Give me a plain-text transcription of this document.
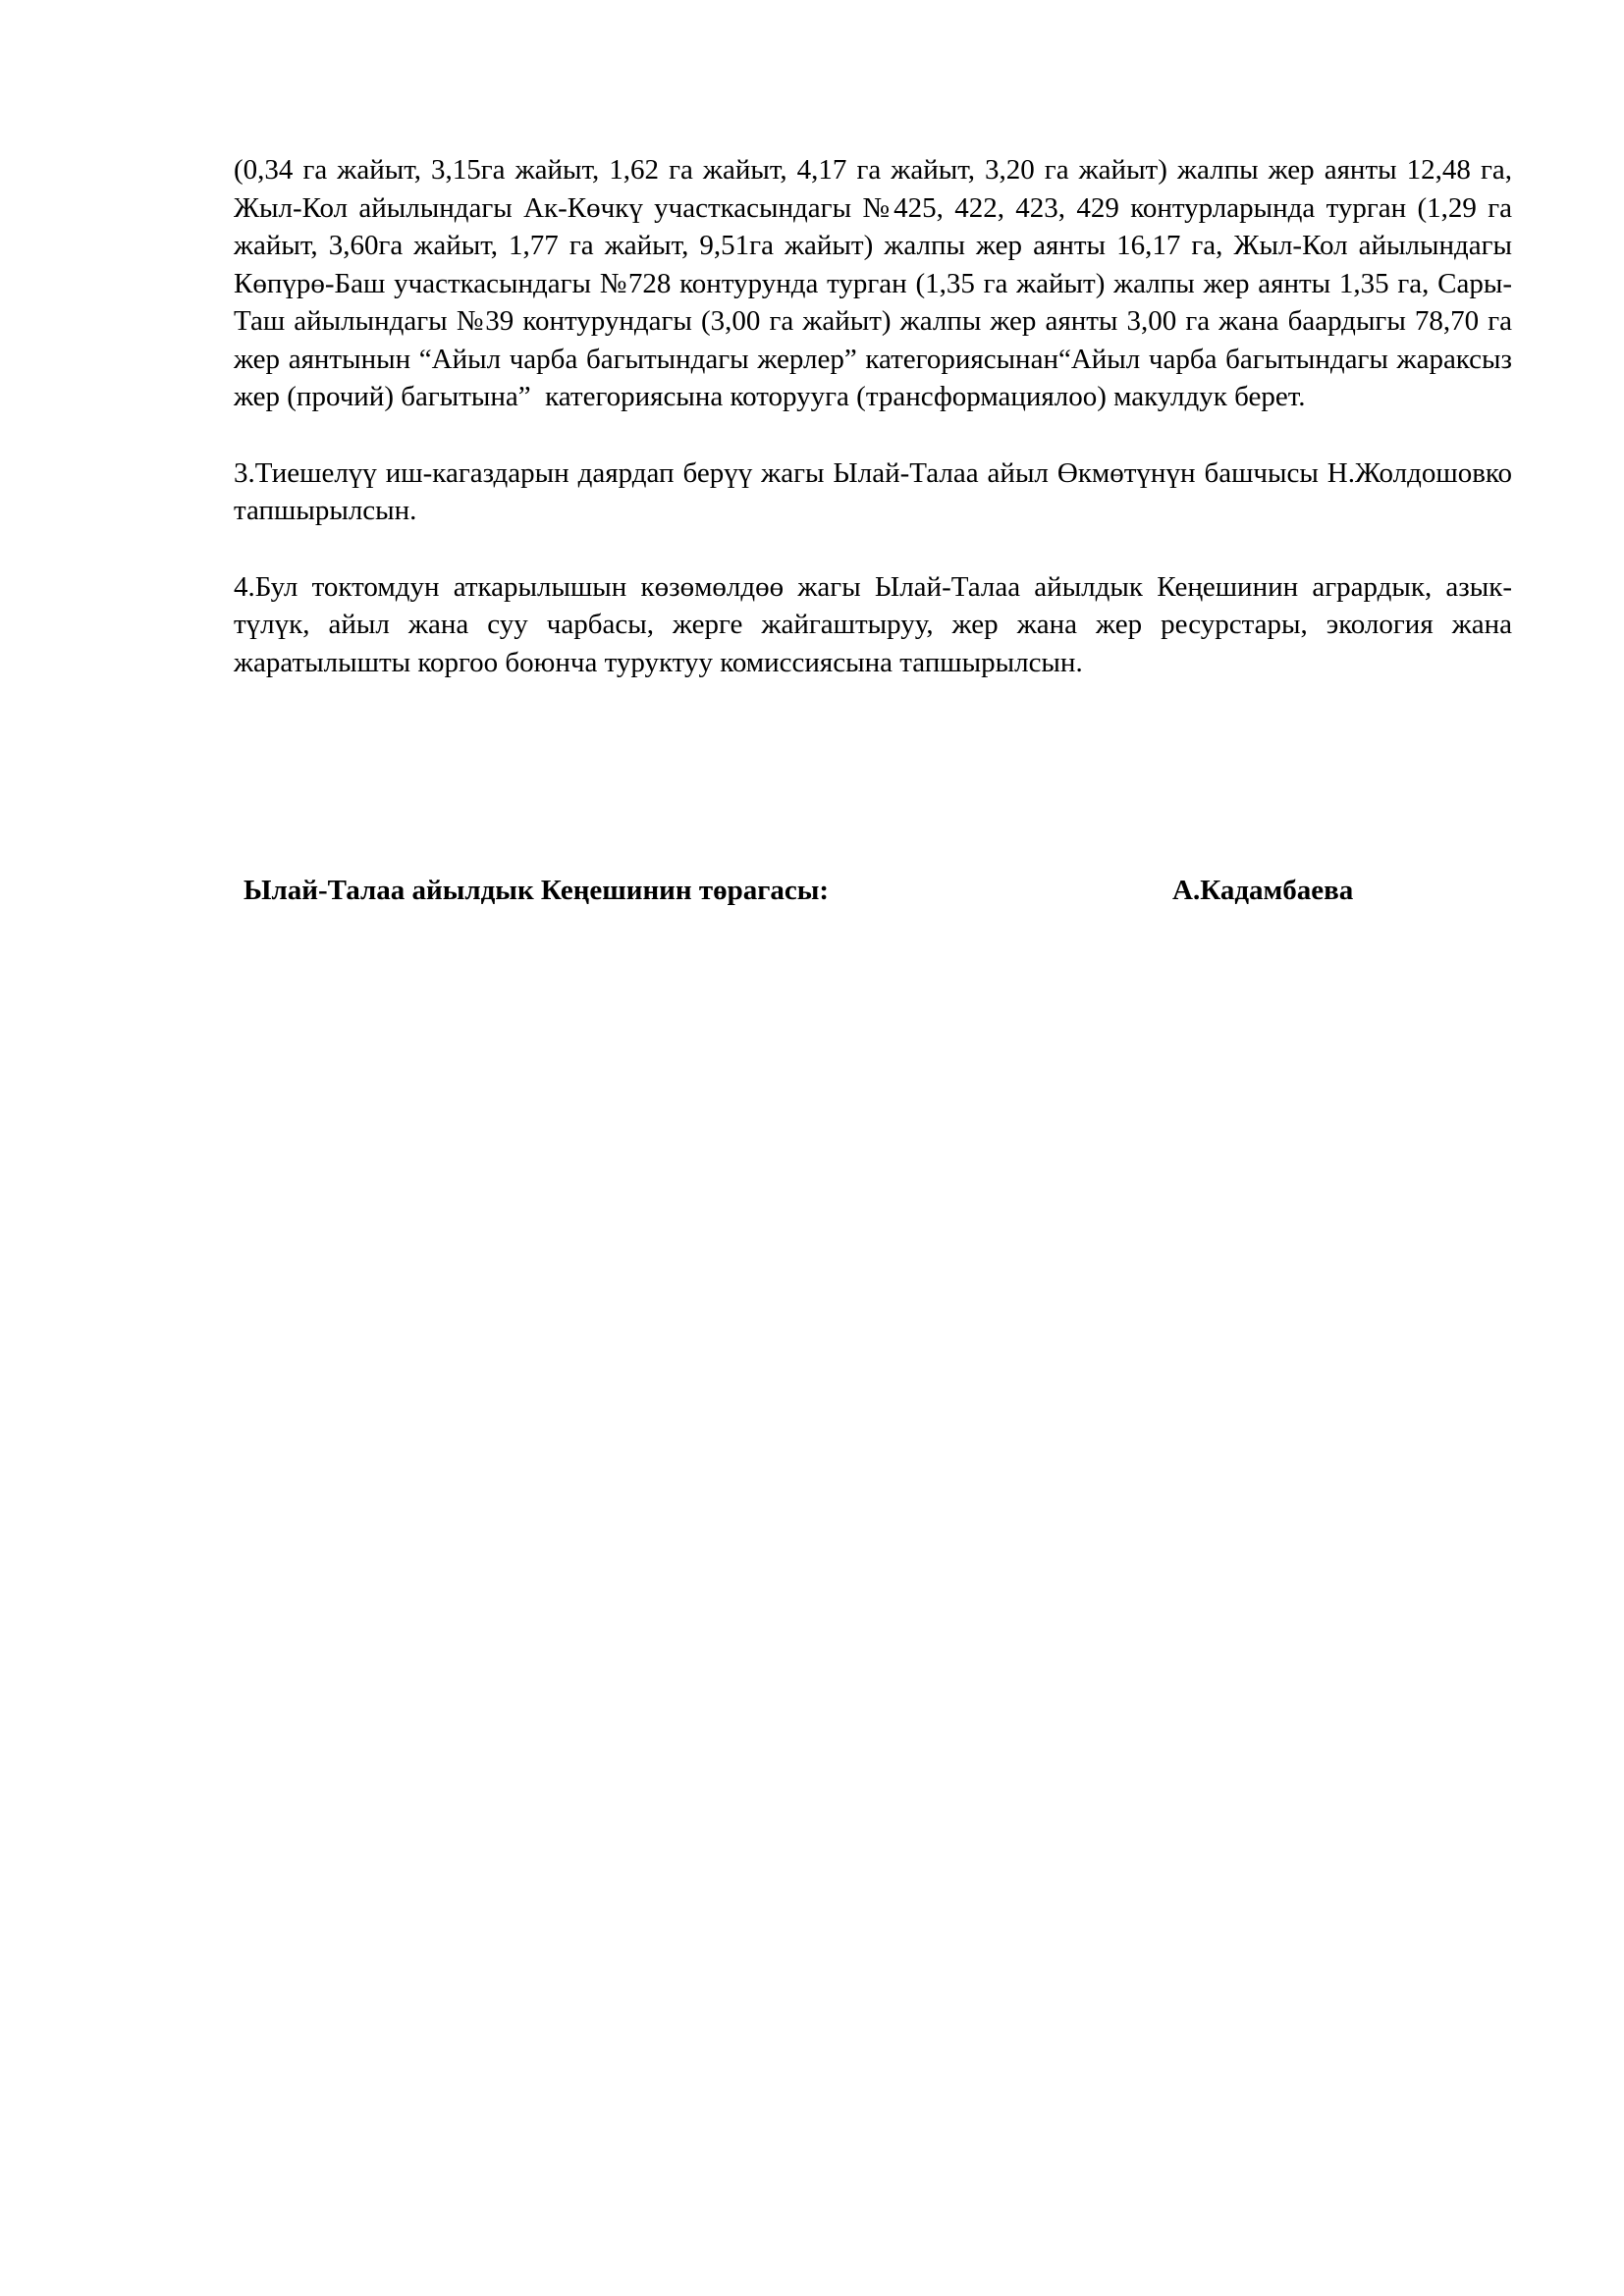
(0,34 га жайыт, 3,15га жайыт, 1,62 га жайыт, 4,17 га жайыт, 3,20 га жайыт) жалпы жер аянты 12,48 га, Жыл-Кол айылындагы Ак-Көчкү участкасындагы №425, 422, 423, 429 контурларында турган (1,29 га жайыт, 3,60га жайыт, 1,77 га жайыт, 9,51га жайыт) жалпы жер аянты 16,17 га, Жыл-Кол айылындагы Көпүрө-Баш участкасындагы №728 контурунда турган (1,35 га жайыт) жалпы жер аянты 1,35 га, Сары-Таш айылындагы №39 контурундагы (3,00 га жайыт) жалпы жер аянты 3,00 га жана баардыгы 78,70 га жер аянтынын “Айыл чарба багытындагы жерлер” категориясынан“Айыл чарба багытындагы жараксыз жер (прочий) багытына”  категориясына которууга (трансформациялоо) макулдук берет.

3.Тиешелүү иш-кагаздарын даярдап берүү жагы Ылай-Талаа айыл Өкмөтүнүн башчысы Н.Жолдошовко тапшырылсын.

4.Бул токтомдун аткарылышын көзөмөлдөө жагы Ылай-Талаа айылдык Кеңешинин агрардык, азык-түлүк, айыл жана суу чарбасы, жерге жайгаштыруу, жер жана жер ресурстары, экология жана жаратылышты коргоо боюнча туруктуу комиссиясына тапшырылсын.

Ылай-Талаа айылдык Кеңешинин төрагасы:	А.Кадамбаева
